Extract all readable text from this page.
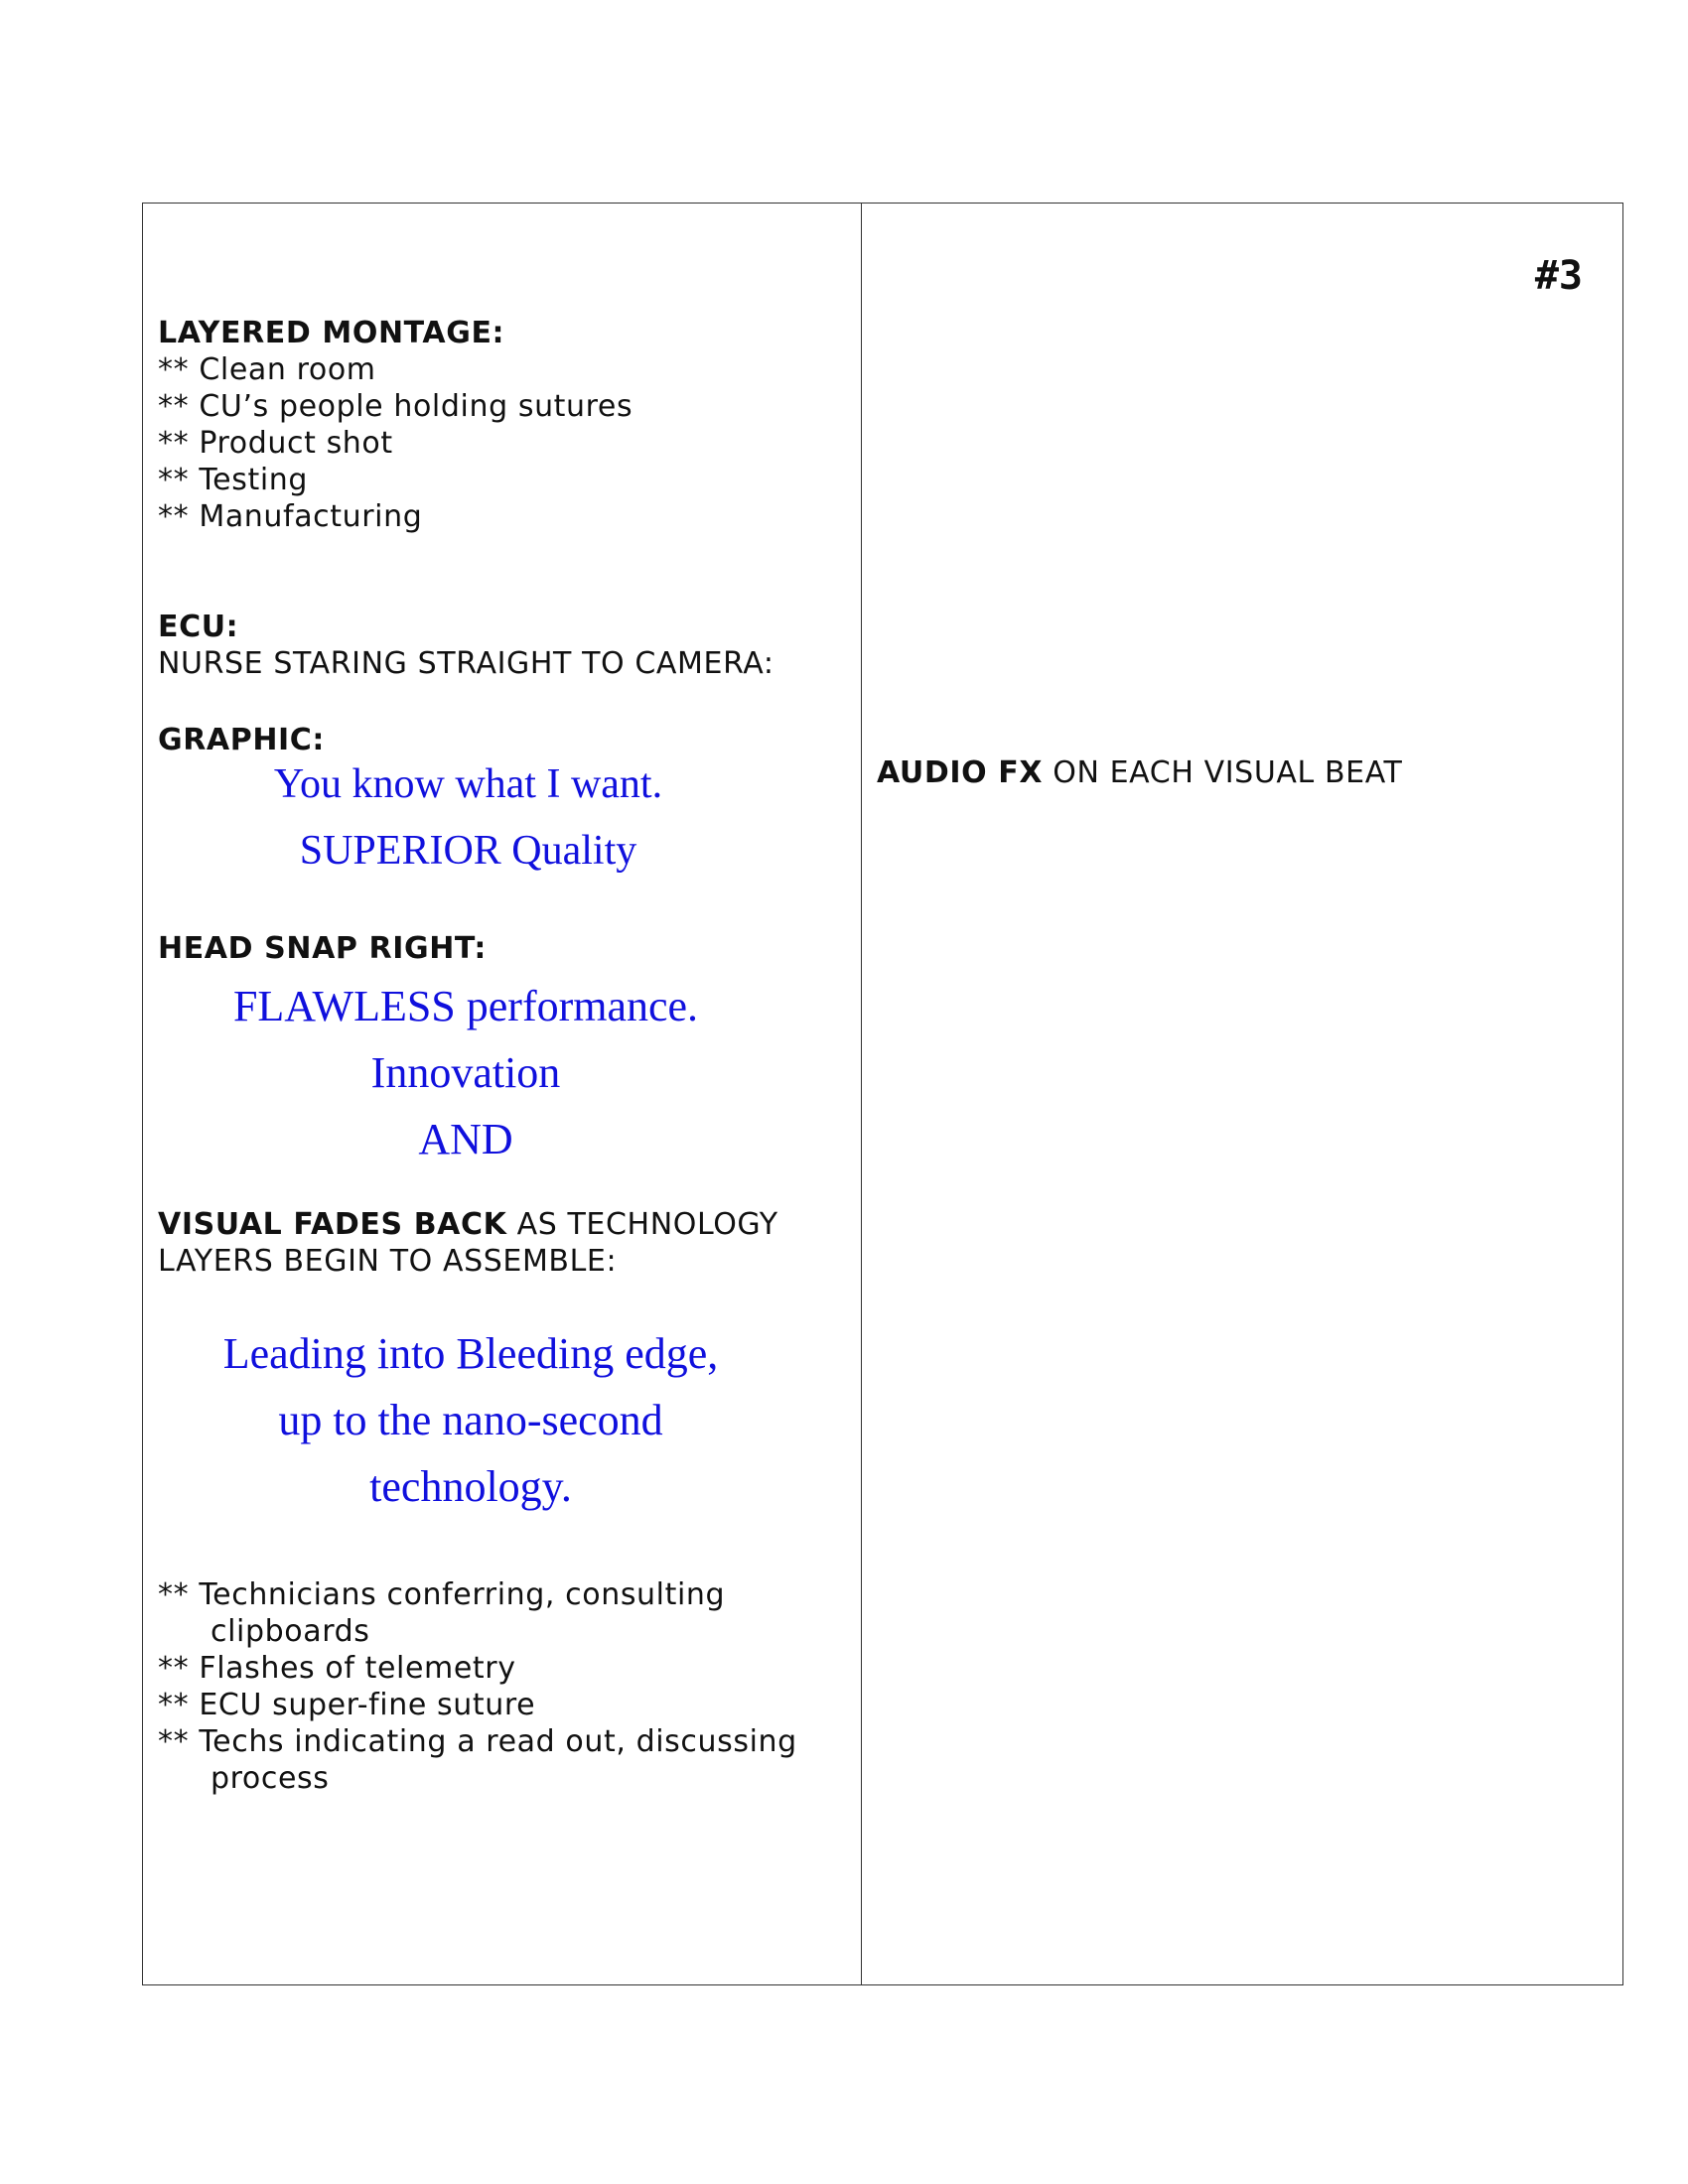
LAYERED MONTAGE:
** Clean room
** CU’s people holding sutures
** Product shot
** Testing
** Manufacturing
ECU:
NURSE STARING STRAIGHT TO CAMERA:
GRAPHIC:
You know what I want.
SUPERIOR Quality
HEAD SNAP RIGHT:
FLAWLESS performance.
Innovation
AND
VISUAL FADES BACK AS TECHNOLOGY
LAYERS BEGIN TO ASSEMBLE:
Leading into Bleeding edge,
up to the nano-second
technology.
** Technicians conferring, consulting
clipboards
** Flashes of telemetry
** ECU super-fine suture
** Techs indicating a read out, discussing
process
#3
AUDIO FX ON EACH VISUAL BEAT
